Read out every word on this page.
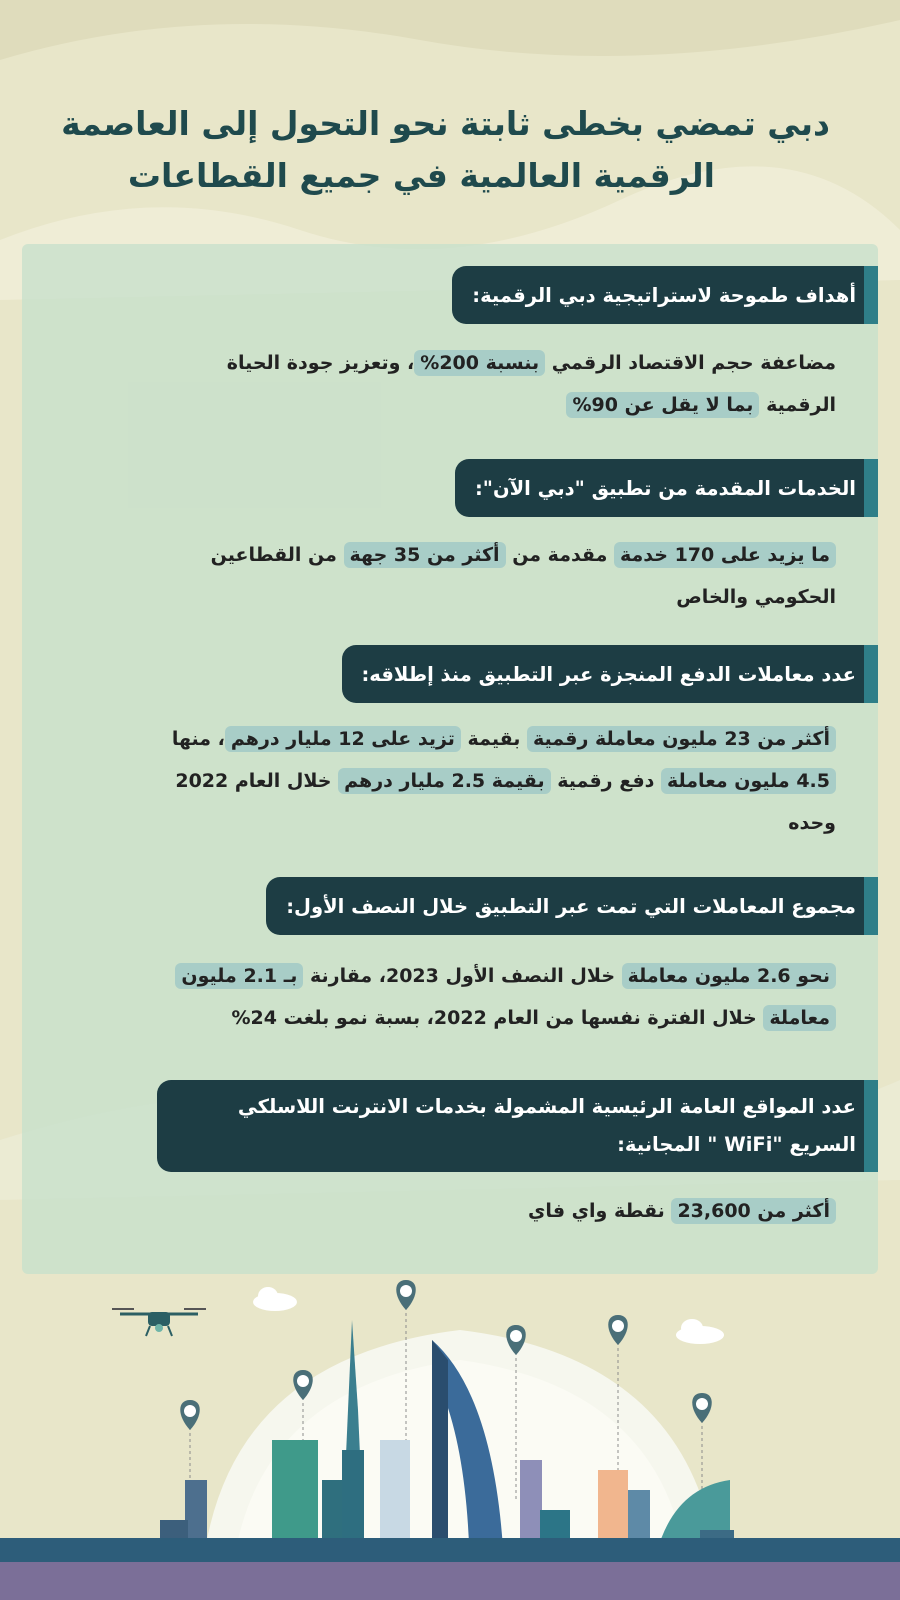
دبي تمضي بخطى ثابتة نحو التحول إلى العاصمة
الرقمية العالمية في جميع القطاعات
أهداف طموحة لاستراتيجية دبي الرقمية:
مضاعفة حجم الاقتصاد الرقمي بنسبة 200%، وتعزيز جودة الحياة
الرقمية بما لا يقل عن 90%
الخدمات المقدمة من تطبيق "دبي الآن":
ما يزيد على 170 خدمة مقدمة من أكثر من 35 جهة من القطاعين
الحكومي والخاص
عدد معاملات الدفع المنجزة عبر التطبيق منذ إطلاقه:
أكثر من 23 مليون معاملة رقمية بقيمة تزيد على 12 مليار درهم، منها
4.5 مليون معاملة دفع رقمية بقيمة 2.5 مليار درهم خلال العام 2022
وحده
مجموع المعاملات التي تمت عبر التطبيق خلال النصف الأول:
نحو 2.6 مليون معاملة خلال النصف الأول 2023، مقارنة بـ 2.1 مليون
معاملة خلال الفترة نفسها من العام 2022، بسبة نمو بلغت 24%
عدد المواقع العامة الرئيسية المشمولة بخدمات الانترنت اللاسلكي السريع "WiFi " المجانية:
أكثر من 23,600 نقطة واي فاي
